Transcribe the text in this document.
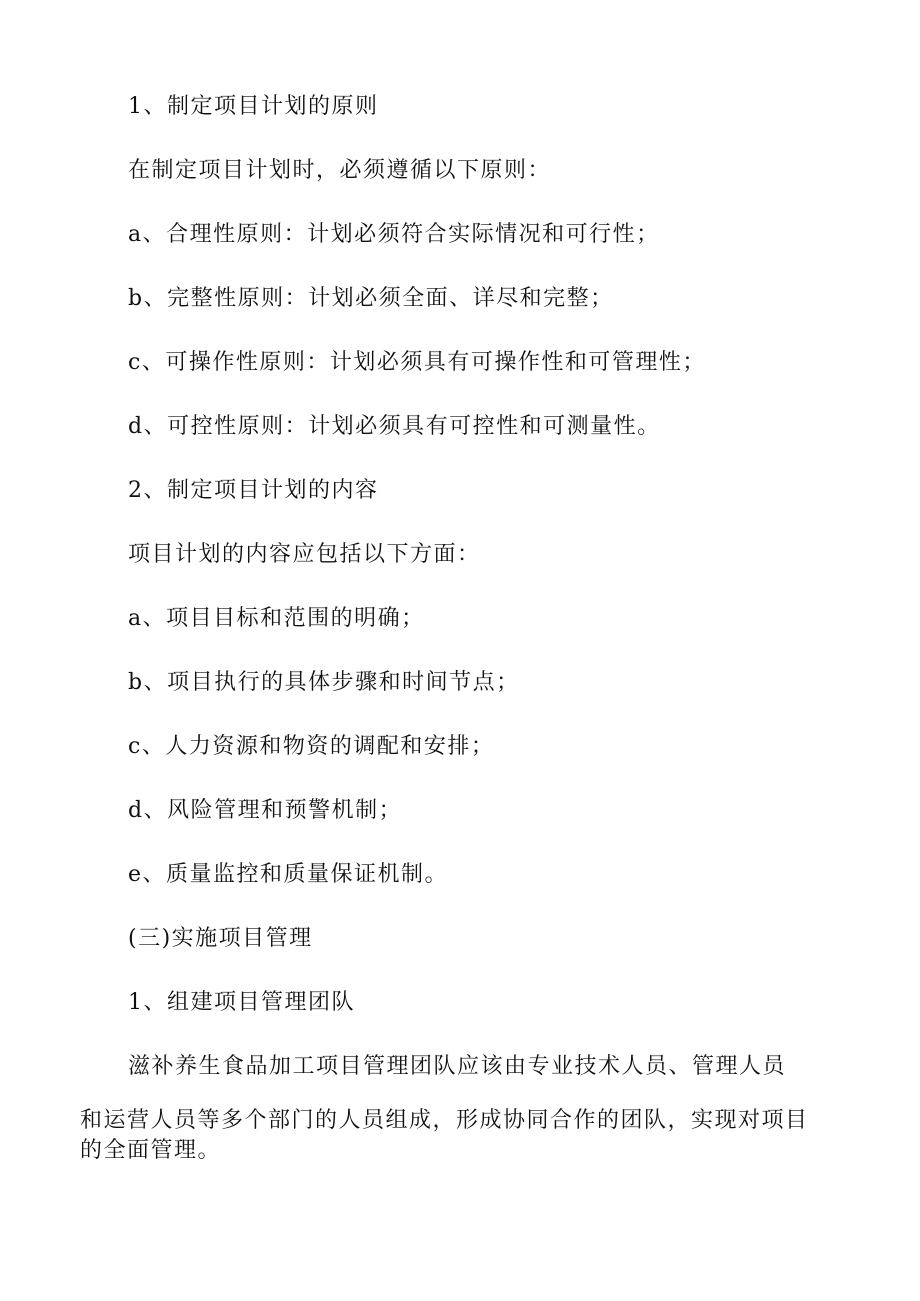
1、制定项目计划的原则
在制定项目计划时，必须遵循以下原则：
a、合理性原则：计划必须符合实际情况和可行性；
b、完整性原则：计划必须全面、详尽和完整；
c、可操作性原则：计划必须具有可操作性和可管理性；
d、可控性原则：计划必须具有可控性和可测量性。
2、制定项目计划的内容
项目计划的内容应包括以下方面：
a、项目目标和范围的明确；
b、项目执行的具体步骤和时间节点；
c、人力资源和物资的调配和安排；
d、风险管理和预警机制；
e、质量监控和质量保证机制。
(三)实施项目管理
1、组建项目管理团队
滋补养生食品加工项目管理团队应该由专业技术人员、管理人员
和运营人员等多个部门的人员组成，形成协同合作的团队，实现对项目的全面管理。
